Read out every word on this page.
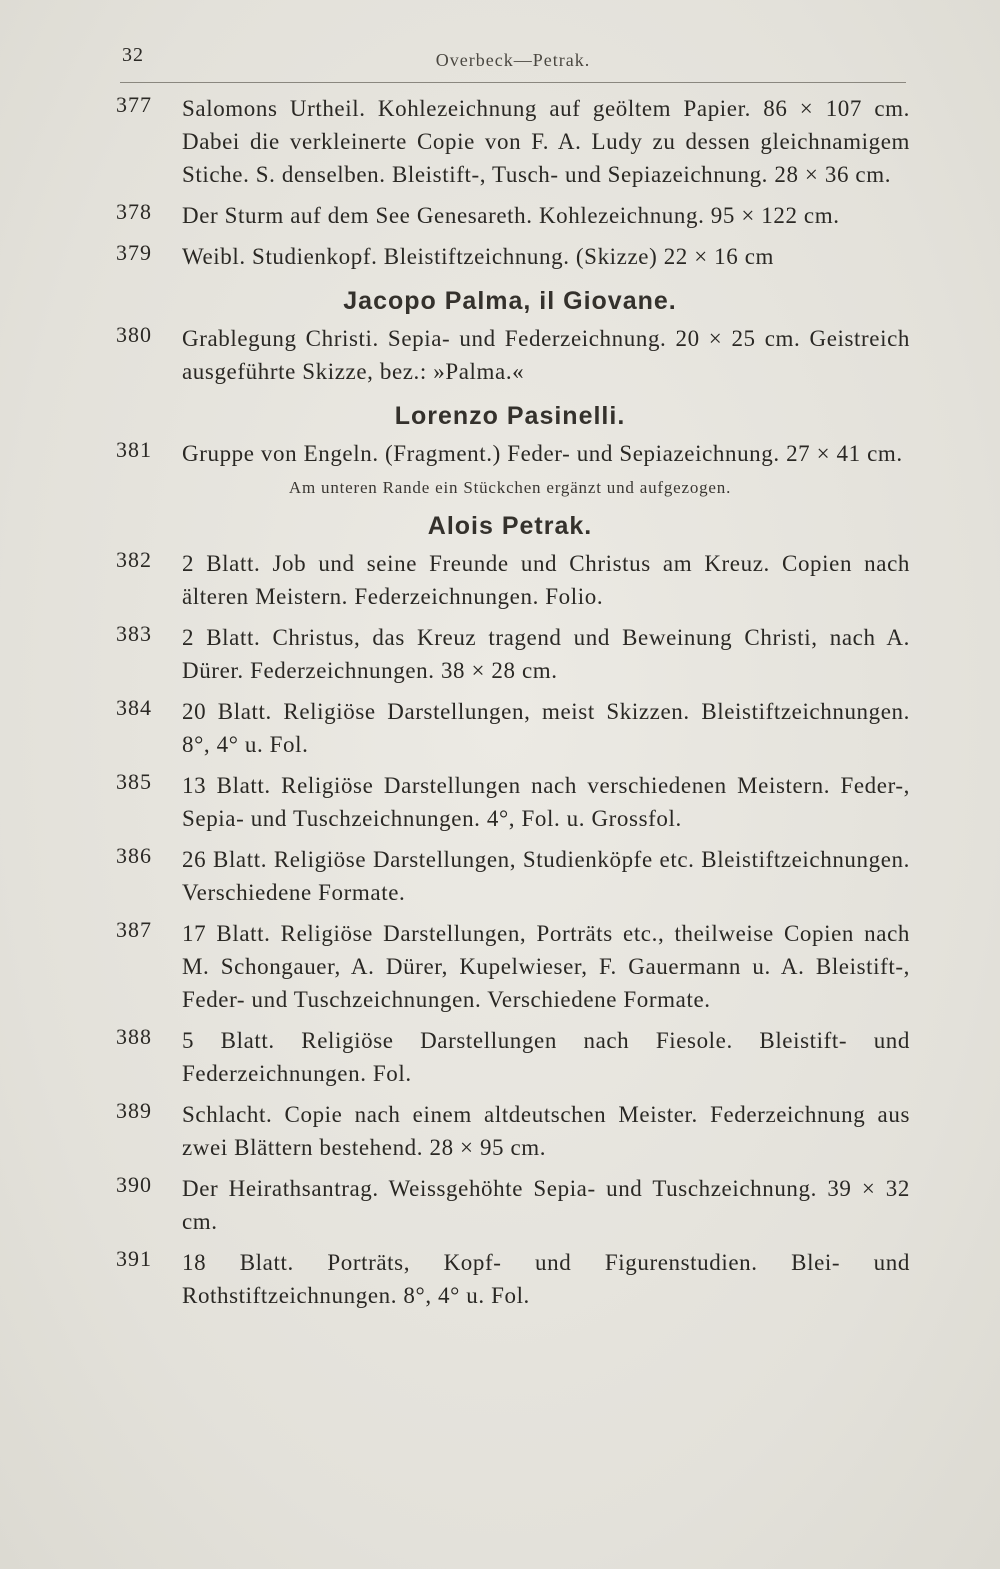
32	Overbeck—Petrak.
377	Salomons Urtheil. Kohlezeichnung auf geöltem Papier. 86 × 107 cm. Dabei die verkleinerte Copie von F. A. Ludy zu dessen gleichnamigem Stiche. S. denselben. Bleistift-, Tusch- und Sepiazeichnung. 28 × 36 cm.
378	Der Sturm auf dem See Genesareth. Kohlezeichnung. 95 × 122 cm.
379	Weibl. Studienkopf. Bleistiftzeichnung. (Skizze) 22 × 16 cm
Jacopo Palma, il Giovane.
380	Grablegung Christi. Sepia- und Federzeichnung. 20 × 25 cm. Geistreich ausgeführte Skizze, bez.: »Palma.«
Lorenzo Pasinelli.
381	Gruppe von Engeln. (Fragment.) Feder- und Sepiazeichnung. 27 × 41 cm.
Am unteren Rande ein Stückchen ergänzt und aufgezogen.
Alois Petrak.
382	2 Blatt. Job und seine Freunde und Christus am Kreuz. Copien nach älteren Meistern. Federzeichnungen. Folio.
383	2 Blatt. Christus, das Kreuz tragend und Beweinung Christi, nach A. Dürer. Federzeichnungen. 38 × 28 cm.
384	20 Blatt. Religiöse Darstellungen, meist Skizzen. Bleistiftzeichnungen. 8°, 4° u. Fol.
385	13 Blatt. Religiöse Darstellungen nach verschiedenen Meistern. Feder-, Sepia- und Tuschzeichnungen. 4°, Fol. u. Grossfol.
386	26 Blatt. Religiöse Darstellungen, Studienköpfe etc. Bleistiftzeichnungen. Verschiedene Formate.
387	17 Blatt. Religiöse Darstellungen, Porträts etc., theilweise Copien nach M. Schongauer, A. Dürer, Kupelwieser, F. Gauermann u. A. Bleistift-, Feder- und Tuschzeichnungen. Verschiedene Formate.
388	5 Blatt. Religiöse Darstellungen nach Fiesole. Bleistift- und Federzeichnungen. Fol.
389	Schlacht. Copie nach einem altdeutschen Meister. Federzeichnung aus zwei Blättern bestehend. 28 × 95 cm.
390	Der Heirathsantrag. Weissgehöhte Sepia- und Tuschzeichnung. 39 × 32 cm.
391	18 Blatt. Porträts, Kopf- und Figurenstudien. Blei- und Rothstiftzeichnungen. 8°, 4° u. Fol.
